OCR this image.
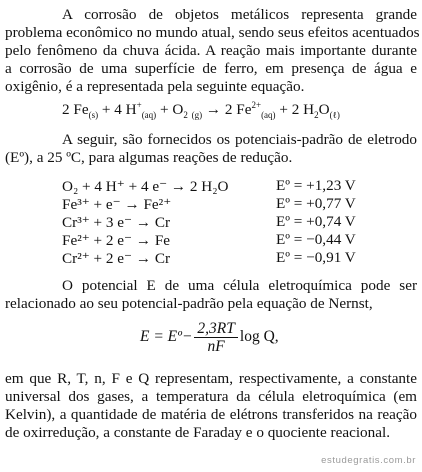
A corrosão de objetos metálicos representa grande
problema econômico no mundo atual, sendo seus efeitos acentuados
pelo fenômeno da chuva ácida. A reação mais importante durante
a corrosão de uma superfície de ferro, em presença de água e
oxigênio, é a representada pela seguinte equação.
2 $Fe_{(s)} + 4$ $H^+_{(aq)} + O_2$ $_{(g)}$ → 2 $Fe^{2+}_{(aq)} + 2$ $H_2O_{(\ell)}$
A seguir, são fornecidos os potenciais-padrão de eletrodo
(Eº), a 25 ºC, para algumas reações de redução.
O₂ + 4 H⁺ + 4 e⁻ → 2 H₂O	Eº = +1,23 V
Fe³⁺ + e⁻ → Fe²⁺	Eº = +0,77 V
Cr³⁺ + 3 e⁻ → Cr	Eº = +0,74 V
Fe²⁺ + 2 e⁻ → Fe	Eº = −0,44 V
Cr²⁺ + 2 e⁻ → Cr	Eº = −0,91 V
O potencial E de uma célula eletroquímica pode ser
relacionado ao seu potencial-padrão pela equação de Nernst,
E = Eº− $\frac{2,3RT}{nF}$ log Q,
em que R, T, n, F e Q representam, respectivamente, a constante
universal dos gases, a temperatura da célula eletroquímica (em
Kelvin), a quantidade de matéria de elétrons transferidos na reação
de oxirredução, a constante de Faraday e o quociente reacional.
estudegratis.com.br
